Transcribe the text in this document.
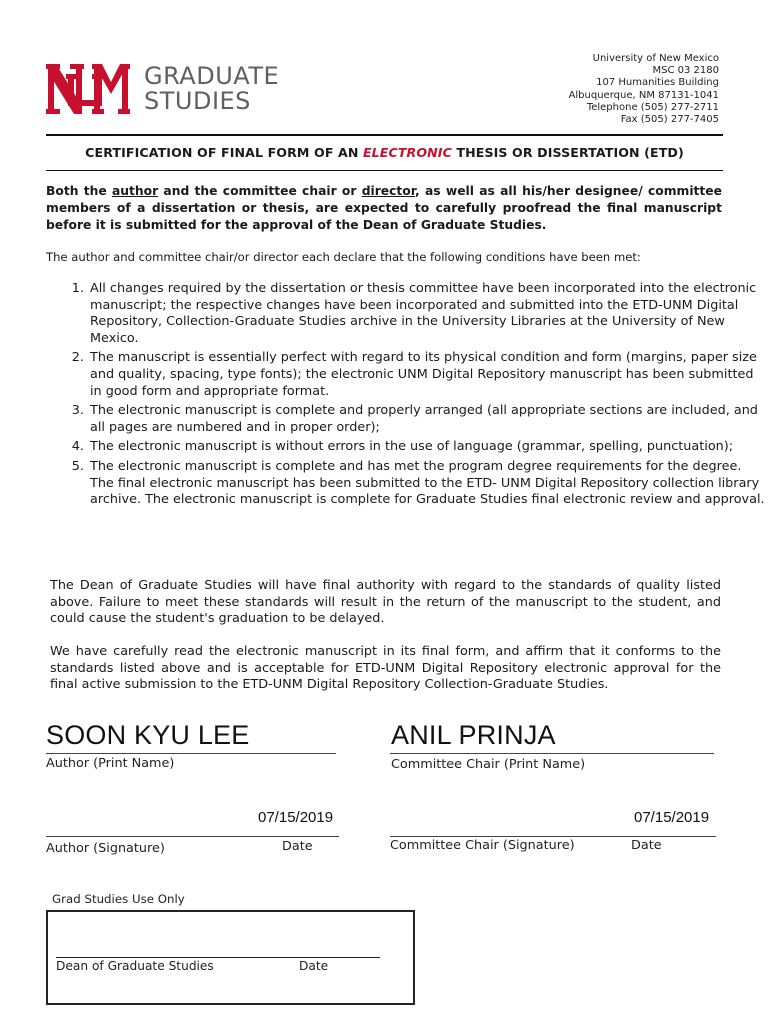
UNM
GRADUATE
STUDIES
University of New Mexico
MSC 03 2180
107 Humanities Building
Albuquerque, NM 87131-1041
Telephone (505) 277-2711
Fax (505) 277-7405
CERTIFICATION OF FINAL FORM OF AN ELECTRONIC THESIS OR DISSERTATION (ETD)
Both the author and the committee chair or director, as well as all his/her designee/ committee members of a dissertation or thesis, are expected to carefully proofread the final manuscript before it is submitted for the approval of the Dean of Graduate Studies.
The author and committee chair/or director each declare that the following conditions have been met:
1. All changes required by the dissertation or thesis committee have been incorporated into the electronic manuscript; the respective changes have been incorporated and submitted into the ETD-UNM Digital Repository, Collection-Graduate Studies archive in the University Libraries at the University of New Mexico.
2. The manuscript is essentially perfect with regard to its physical condition and form (margins, paper size and quality, spacing, type fonts); the electronic UNM Digital Repository manuscript has been submitted in good form and appropriate format.
3. The electronic manuscript is complete and properly arranged (all appropriate sections are included, and all pages are numbered and in proper order);
4. The electronic manuscript is without errors in the use of language (grammar, spelling, punctuation);
5. The electronic manuscript is complete and has met the program degree requirements for the degree. The final electronic manuscript has been submitted to the ETD- UNM Digital Repository collection library archive. The electronic manuscript is complete for Graduate Studies final electronic review and approval.
The Dean of Graduate Studies will have final authority with regard to the standards of quality listed above. Failure to meet these standards will result in the return of the manuscript to the student, and could cause the student's graduation to be delayed.
We have carefully read the electronic manuscript in its final form, and affirm that it conforms to the standards listed above and is acceptable for ETD-UNM Digital Repository electronic approval for the final active submission to the ETD-UNM Digital Repository Collection-Graduate Studies.
SOON KYU LEE
Author (Print Name)
ANIL PRINJA
Committee Chair (Print Name)
07/15/2019
Author (Signature)	Date
07/15/2019
Committee Chair (Signature)	Date
Grad Studies Use Only
Dean of Graduate Studies	Date
